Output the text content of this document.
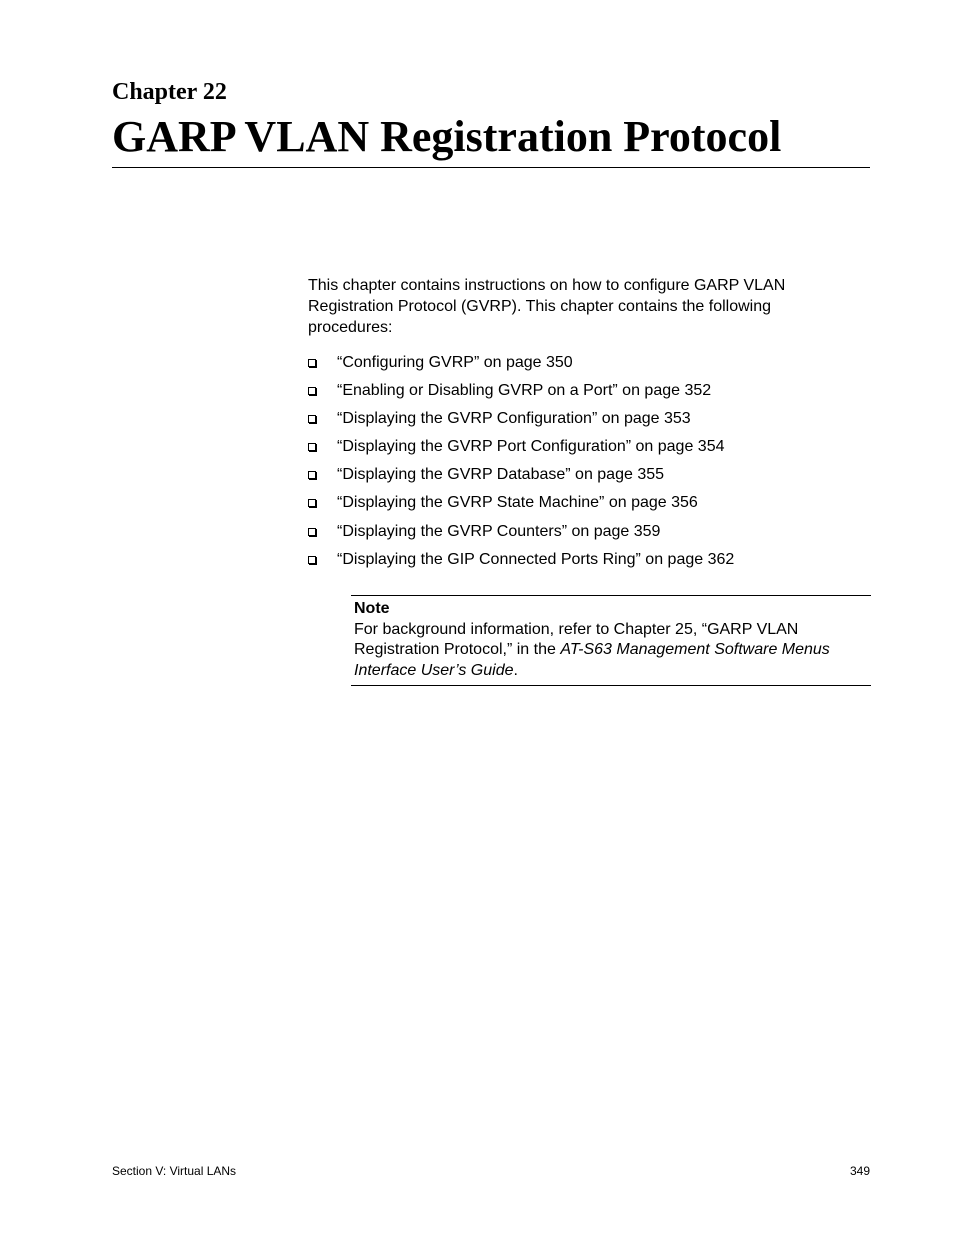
Chapter 22
GARP VLAN Registration Protocol

This chapter contains instructions on how to configure GARP VLAN Registration Protocol (GVRP). This chapter contains the following procedures:

“Configuring GVRP” on page 350
“Enabling or Disabling GVRP on a Port” on page 352
“Displaying the GVRP Configuration” on page 353
“Displaying the GVRP Port Configuration” on page 354
“Displaying the GVRP Database” on page 355
“Displaying the GVRP State Machine” on page 356
“Displaying the GVRP Counters” on page 359
“Displaying the GIP Connected Ports Ring” on page 362
Note
For background information, refer to Chapter 25, “GARP VLAN Registration Protocol,” in the AT-S63 Management Software Menus Interface User’s Guide.
Section V: Virtual LANs	349
